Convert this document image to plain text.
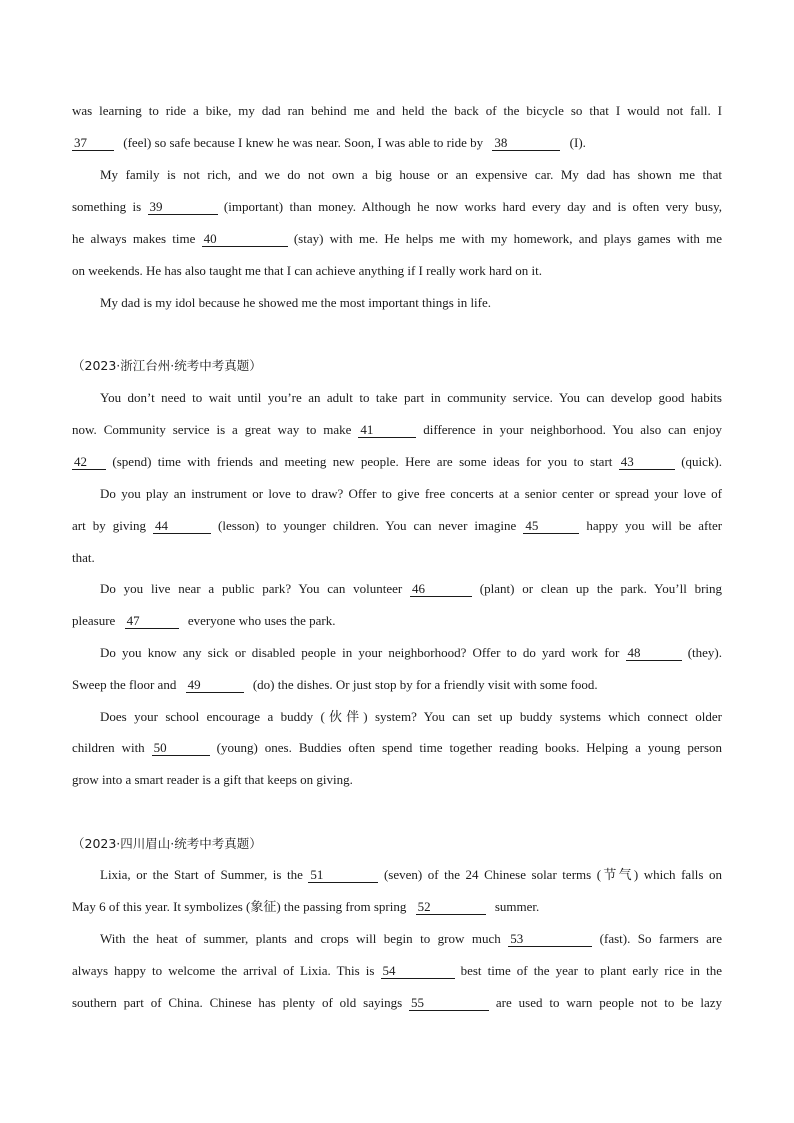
was learning to ride a bike, my dad ran behind me and held the back of the bicycle so that I would not fall. I
37	(feel) so safe because I knew he was near. Soon, I was able to ride by 38	(I).
My family is not rich, and we do not own a big house or an expensive car. My dad has shown me that
something is 39	(important) than money. Although he now works hard every day and is often very busy,
he always makes time 40	(stay) with me. He helps me with my homework, and plays games with me
on weekends. He has also taught me that I can achieve anything if I really work hard on it.
My dad is my idol because he showed me the most important things in life.
（2023·浙江台州·统考中考真题）
You don’t need to wait until you’re an adult to take part in community service. You can develop good habits
now. Community service is a great way to make 41	difference in your neighborhood. You also can enjoy
42 (spend) time with friends and meeting new people. Here are some ideas for you to start 43	(quick).
Do you play an instrument or love to draw? Offer to give free concerts at a senior center or spread your love of
art by giving 44	(lesson) to younger children. You can never imagine 45	happy you will be after
that.
Do you live near a public park? You can volunteer 46	(plant) or clean up the park. You’ll bring
pleasure 47	everyone who uses the park.
Do you know any sick or disabled people in your neighborhood? Offer to do yard work for 48	(they).
Sweep the floor and 49	(do) the dishes. Or just stop by for a friendly visit with some food.
Does your school encourage a buddy (伙伴) system? You can set up buddy systems which connect older
children with 50	(young) ones. Buddies often spend time together reading books. Helping a young person
grow into a smart reader is a gift that keeps on giving.
（2023·四川眉山·统考中考真题）
Lixia, or the Start of Summer, is the 51	(seven) of the 24 Chinese solar terms (节气) which falls on
May 6 of this year. It symbolizes (象征) the passing from spring 52	summer.
With the heat of summer, plants and crops will begin to grow much 53	(fast). So farmers are
always happy to welcome the arrival of Lixia. This is 54	best time of the year to plant early rice in the
southern part of China. Chinese has plenty of old sayings 55	are used to warn people not to be lazy
